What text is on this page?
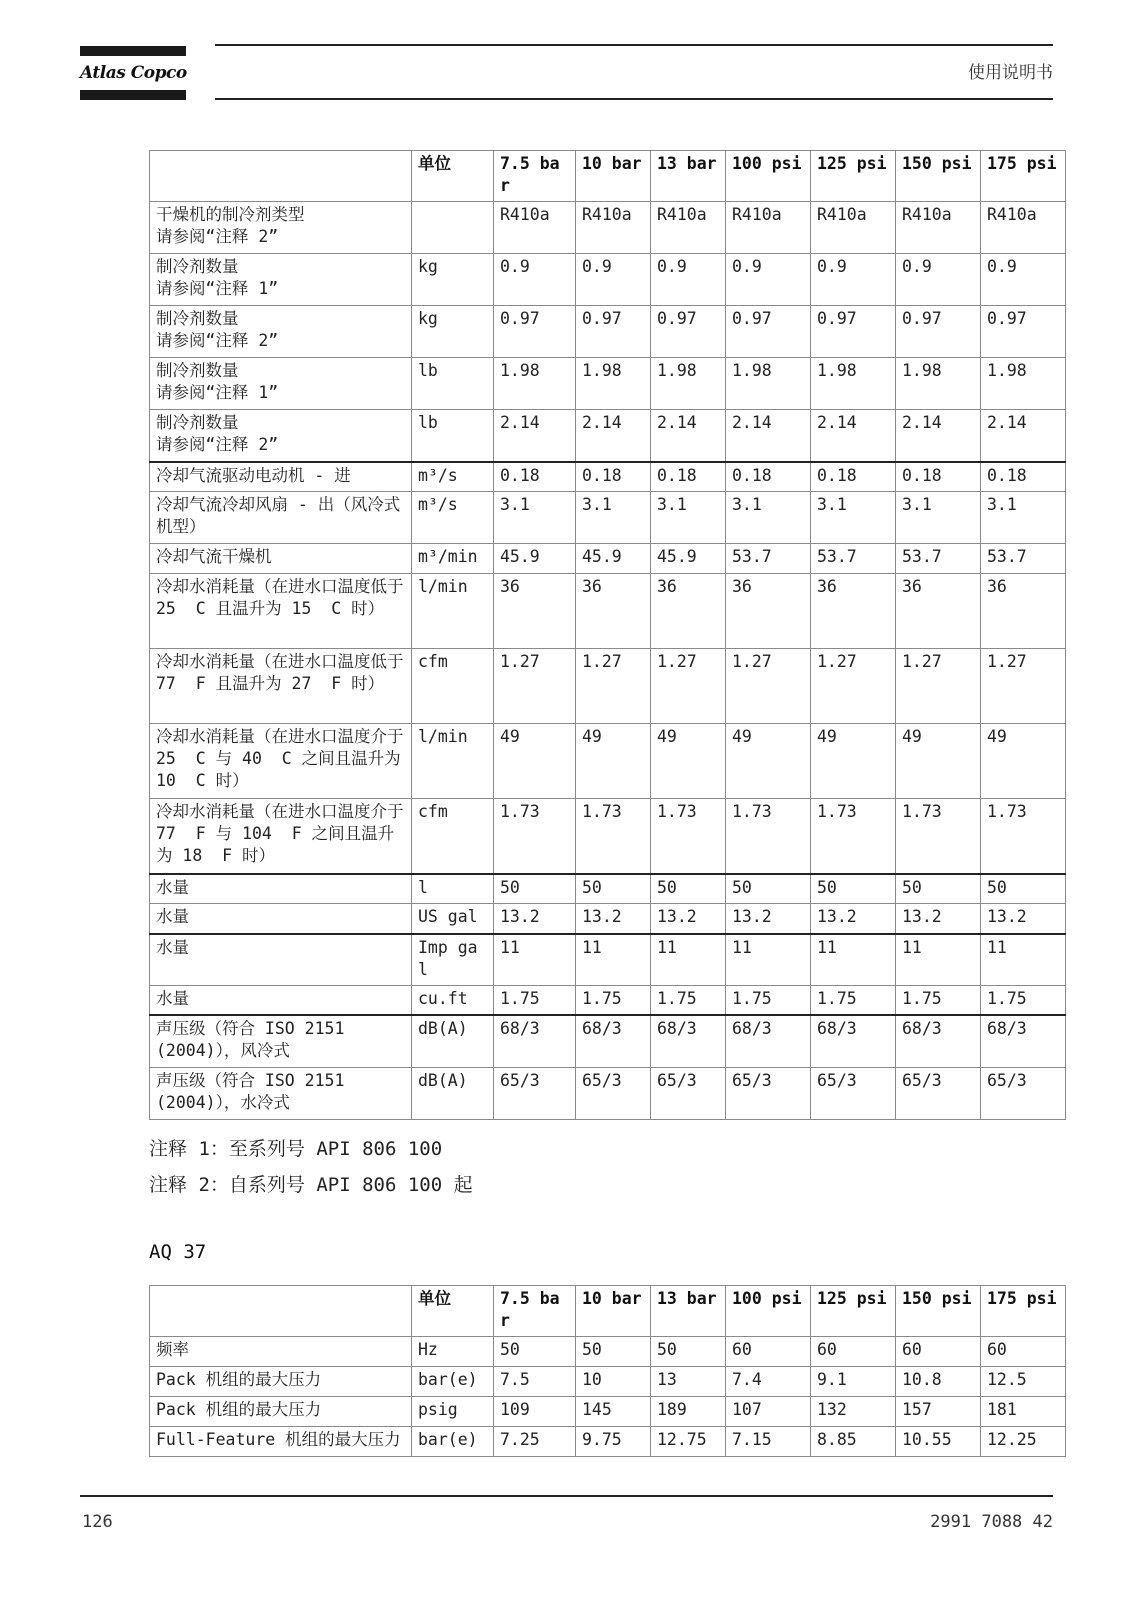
Atlas Copco	使用说明书
	单位	7.5 bar	10 bar	13 bar	100 psi	125 psi	150 psi	175 psi
干燥机的制冷剂类型
请参阅“注释 2”		R410a	R410a	R410a	R410a	R410a	R410a	R410a
制冷剂数量
请参阅“注释 1”	kg	0.9	0.9	0.9	0.9	0.9	0.9	0.9
制冷剂数量
请参阅“注释 2”	kg	0.97	0.97	0.97	0.97	0.97	0.97	0.97
制冷剂数量
请参阅“注释 1”	lb	1.98	1.98	1.98	1.98	1.98	1.98	1.98
制冷剂数量
请参阅“注释 2”	lb	2.14	2.14	2.14	2.14	2.14	2.14	2.14
冷却气流驱动电动机 - 进	m³/s	0.18	0.18	0.18	0.18	0.18	0.18	0.18
冷却气流冷却风扇 - 出（风冷式机型）	m³/s	3.1	3.1	3.1	3.1	3.1	3.1	3.1
冷却气流干燥机	m³/min	45.9	45.9	45.9	53.7	53.7	53.7	53.7
冷却水消耗量（在进水口温度低于 25  C 且温升为 15  C 时）	l/min	36	36	36	36	36	36	36
冷却水消耗量（在进水口温度低于 77  F 且温升为 27  F 时）	cfm	1.27	1.27	1.27	1.27	1.27	1.27	1.27
冷却水消耗量（在进水口温度介于 25  C 与 40  C 之间且温升为 10  C 时）	l/min	49	49	49	49	49	49	49
冷却水消耗量（在进水口温度介于 77  F 与 104  F 之间且温升为 18  F 时）	cfm	1.73	1.73	1.73	1.73	1.73	1.73	1.73
水量	l	50	50	50	50	50	50	50
水量	US gal	13.2	13.2	13.2	13.2	13.2	13.2	13.2
水量	Imp gal	11	11	11	11	11	11	11
水量	cu.ft	1.75	1.75	1.75	1.75	1.75	1.75	1.75
声压级（符合 ISO 2151
(2004)），风冷式	dB(A)	68/3	68/3	68/3	68/3	68/3	68/3	68/3
声压级（符合 ISO 2151
(2004)），水冷式	dB(A)	65/3	65/3	65/3	65/3	65/3	65/3	65/3
注释 1：至系列号 API 806 100
注释 2：自系列号 API 806 100 起
AQ 37
	单位	7.5 bar	10 bar	13 bar	100 psi	125 psi	150 psi	175 psi
频率	Hz	50	50	50	60	60	60	60
Pack 机组的最大压力	bar(e)	7.5	10	13	7.4	9.1	10.8	12.5
Pack 机组的最大压力	psig	109	145	189	107	132	157	181
Full-Feature 机组的最大压力	bar(e)	7.25	9.75	12.75	7.15	8.85	10.55	12.25
126	2991 7088 42
